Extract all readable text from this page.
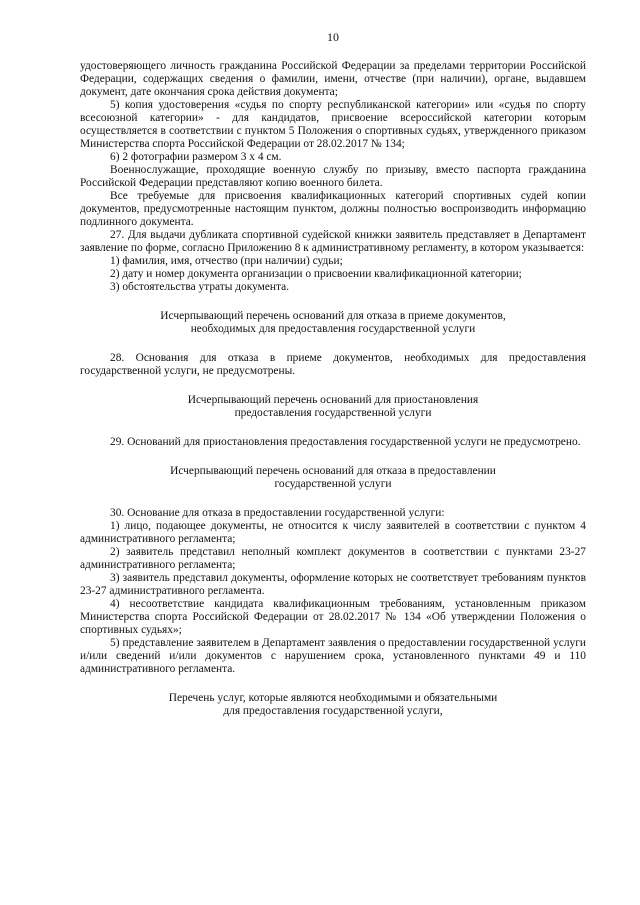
10

удостоверяющего личность гражданина Российской Федерации за пределами территории Российской Федерации, содержащих сведения о фамилии, имени, отчестве (при наличии), органе, выдавшем документ, дате окончания срока действия документа;

5) копия удостоверения «судья по спорту республиканской категории» или «судья по спорту всесоюзной категории» - для кандидатов, присвоение всероссийской категории которым осуществляется в соответствии с пунктом 5 Положения о спортивных судьях, утвержденного приказом Министерства спорта Российской Федерации от 28.02.2017 № 134;

6) 2 фотографии размером 3 х 4 см.

Военнослужащие, проходящие военную службу по призыву, вместо паспорта гражданина Российской Федерации представляют копию военного билета.

Все требуемые для присвоения квалификационных категорий спортивных судей копии документов, предусмотренные настоящим пунктом, должны полностью воспроизводить информацию подлинного документа.

27. Для выдачи дубликата спортивной судейской книжки заявитель представляет в Департамент заявление по форме, согласно Приложению 8 к административному регламенту, в котором указывается:

1) фамилия, имя, отчество (при наличии) судьи;

2) дату и номер документа организации о присвоении квалификационной категории;

3) обстоятельства утраты документа.

Исчерпывающий перечень оснований для отказа в приеме документов, необходимых для предоставления государственной услуги

28. Основания для отказа в приеме документов, необходимых для предоставления государственной услуги, не предусмотрены.

Исчерпывающий перечень оснований для приостановления предоставления государственной услуги

29. Оснований для приостановления предоставления государственной услуги не предусмотрено.

Исчерпывающий перечень оснований для отказа в предоставлении государственной услуги

30. Основание для отказа в предоставлении государственной услуги:

1) лицо, подающее документы, не относится к числу заявителей в соответствии с пунктом 4 административного регламента;

2) заявитель представил неполный комплект документов в соответствии с пунктами 23-27 административного регламента;

3) заявитель представил документы, оформление которых не соответствует требованиям пунктов 23-27 административного регламента.

4) несоответствие кандидата квалификационным требованиям, установленным приказом Министерства спорта Российской Федерации от 28.02.2017 № 134 «Об утверждении Положения о спортивных судьях»;

5) представление заявителем в Департамент заявления о предоставлении государственной услуги и/или сведений и/или документов с нарушением срока, установленного пунктами 49 и 110 административного регламента.

Перечень услуг, которые являются необходимыми и обязательными для предоставления государственной услуги,
